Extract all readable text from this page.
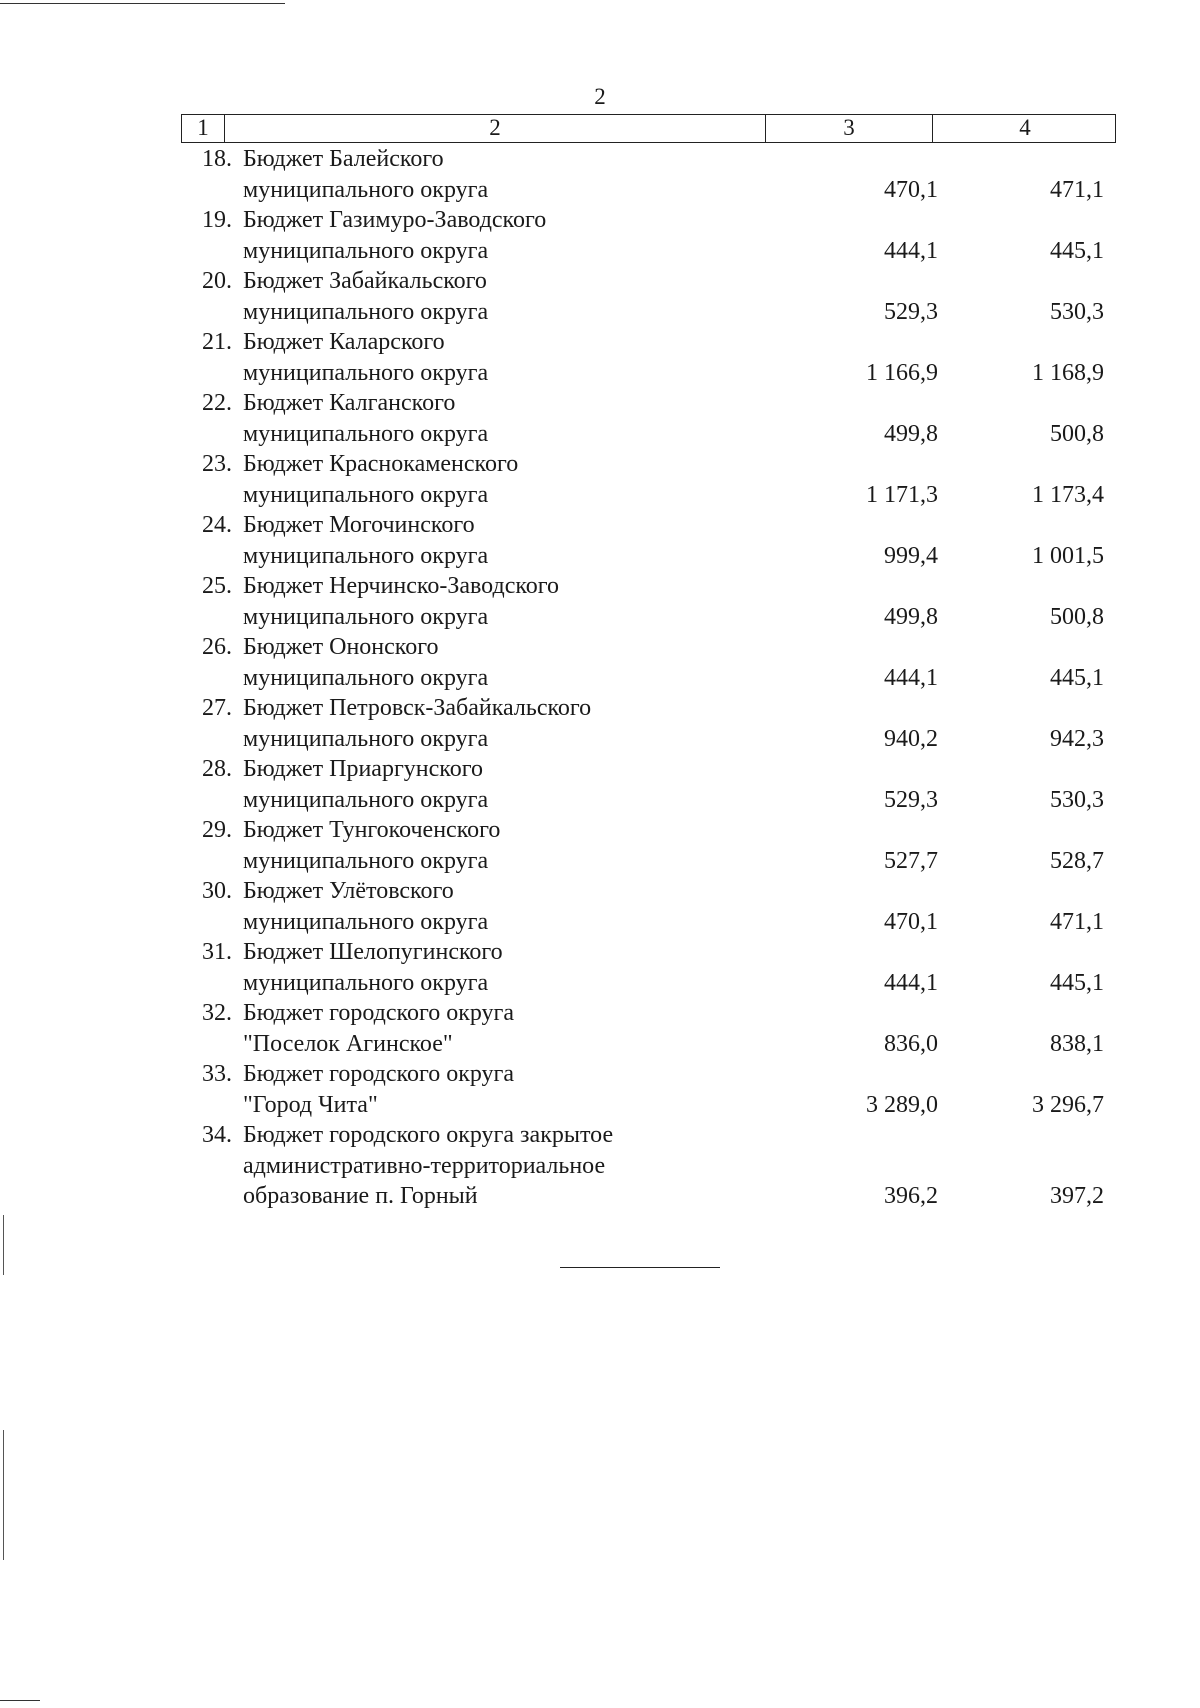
2
1	2	3	4
18. Бюджет Балейского
муниципального округа	470,1	471,1
19. Бюджет Газимуро-Заводского
муниципального округа	444,1	445,1
20. Бюджет Забайкальского
муниципального округа	529,3	530,3
21. Бюджет Каларского
муниципального округа	1 166,9	1 168,9
22. Бюджет Калганского
муниципального округа	499,8	500,8
23. Бюджет Краснокаменского
муниципального округа	1 171,3	1 173,4
24. Бюджет Могочинского
муниципального округа	999,4	1 001,5
25. Бюджет Нерчинско-Заводского
муниципального округа	499,8	500,8
26. Бюджет Ононского
муниципального округа	444,1	445,1
27. Бюджет Петровск-Забайкальского
муниципального округа	940,2	942,3
28. Бюджет Приаргунского
муниципального округа	529,3	530,3
29. Бюджет Тунгокоченского
муниципального округа	527,7	528,7
30. Бюджет Улётовского
муниципального округа	470,1	471,1
31. Бюджет Шелопугинского
муниципального округа	444,1	445,1
32. Бюджет городского округа
"Поселок Агинское"	836,0	838,1
33. Бюджет городского округа
"Город Чита"	3 289,0	3 296,7
34. Бюджет городского округа закрытое
административно-территориальное
образование п. Горный	396,2	397,2
